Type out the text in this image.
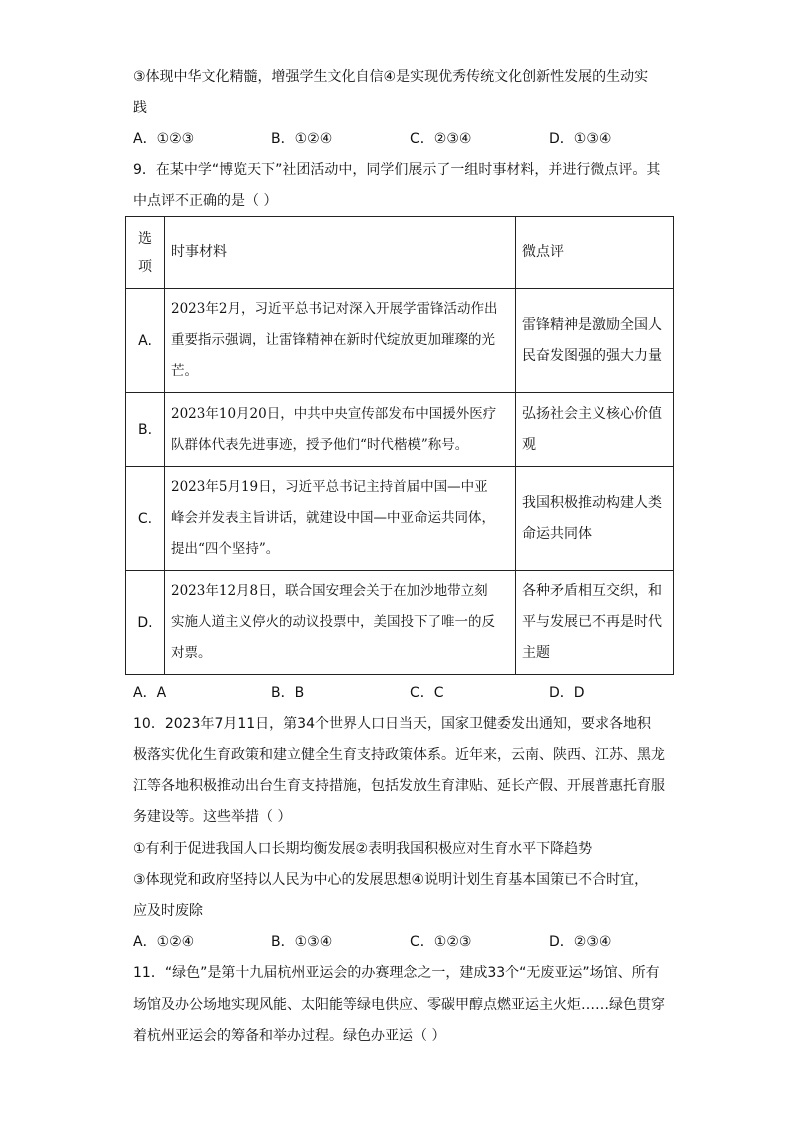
③体现中华文化精髓，增强学生文化自信④是实现优秀传统文化创新性发展的生动实
践
A．①②③	B．①②④	C．②③④	D．①③④
9．在某中学“博览天下”社团活动中，同学们展示了一组时事材料，并进行微点评。其
中点评不正确的是（ ）
选
项	时事材料	微点评
A.	2023年2月，习近平总书记对深入开展学雷锋活动作出
重要指示强调，让雷锋精神在新时代绽放更加璀璨的光
芒。	雷锋精神是激励全国人
民奋发图强的强大力量

B.	2023年10月20日，中共中央宣传部发布中国援外医疗
队群体代表先进事迹，授予他们“时代楷模”称号。	弘扬社会主义核心价值
观

C.	2023年5月19日，习近平总书记主持首届中国—中亚
峰会并发表主旨讲话，就建设中国—中亚命运共同体，
提出“四个坚持”。	我国积极推动构建人类
命运共同体

D.	2023年12月8日，联合国安理会关于在加沙地带立刻
实施人道主义停火的动议投票中，美国投下了唯一的反
对票。	各种矛盾相互交织，和
平与发展已不再是时代
主题
A．A	B．B	C．C	D．D
10．2023年7月11日，第34个世界人口日当天，国家卫健委发出通知，要求各地积
极落实优化生育政策和建立健全生育支持政策体系。近年来，云南、陕西、江苏、黑龙
江等各地积极推动出台生育支持措施，包括发放生育津贴、延长产假、开展普惠托育服
务建设等。这些举措（ ）
①有利于促进我国人口长期均衡发展②表明我国积极应对生育水平下降趋势
③体现党和政府坚持以人民为中心的发展思想④说明计划生育基本国策已不合时宜，
应及时废除
A．①②④	B．①③④	C．①②③	D．②③④
11．“绿色”是第十九届杭州亚运会的办赛理念之一，建成33个“无废亚运”场馆、所有
场馆及办公场地实现风能、太阳能等绿电供应、零碳甲醇点燃亚运主火炬……绿色贯穿
着杭州亚运会的筹备和举办过程。绿色办亚运（ ）
